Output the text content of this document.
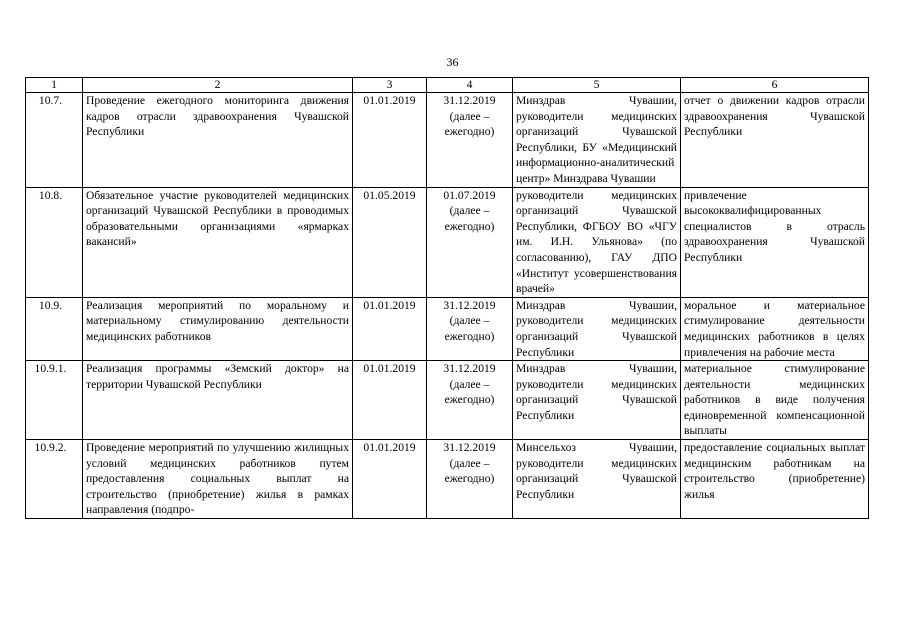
36
1	2	3	4	5	6
10.7.	Проведение ежегодного мониторинга движения кадров отрасли здравоохранения Чувашской Республики	01.01.2019	31.12.2019 (далее – ежегодно)	Минздрав Чувашии, руководители медицинских организаций Чувашской Республики, БУ «Медицинский информационно-аналитический центр» Минздрава Чувашии	отчет о движении кадров отрасли здравоохранения Чувашской Республики
10.8.	Обязательное участие руководителей медицинских организаций Чувашской Республики в проводимых образовательными организациями «ярмарках вакансий»	01.05.2019	01.07.2019 (далее – ежегодно)	руководители медицинских организаций Чувашской Республики, ФГБОУ ВО «ЧГУ им. И.Н. Ульянова» (по согласованию), ГАУ ДПО «Институт усовершенствования врачей»	привлечение высококвалифицированных специалистов в отрасль здравоохранения Чувашской Республики
10.9.	Реализация мероприятий по моральному и материальному стимулированию деятельности медицинских работников	01.01.2019	31.12.2019 (далее – ежегодно)	Минздрав Чувашии, руководители медицинских организаций Чувашской Республики	моральное и материальное стимулирование деятельности медицинских работников в целях привлечения на рабочие места
10.9.1.	Реализация программы «Земский доктор» на территории Чувашской Республики	01.01.2019	31.12.2019 (далее – ежегодно)	Минздрав Чувашии, руководители медицинских организаций Чувашской Республики	материальное стимулирование деятельности медицинских работников в виде получения единовременной компенсационной выплаты
10.9.2.	Проведение мероприятий по улучшению жилищных условий медицинских работников путем предоставления социальных выплат на строительство (приобретение) жилья в рамках направления (подпро-	01.01.2019	31.12.2019 (далее – ежегодно)	Минсельхоз Чувашии, руководители медицинских организаций Чувашской Республики	предоставление социальных выплат медицинским работникам на строительство (приобретение) жилья
